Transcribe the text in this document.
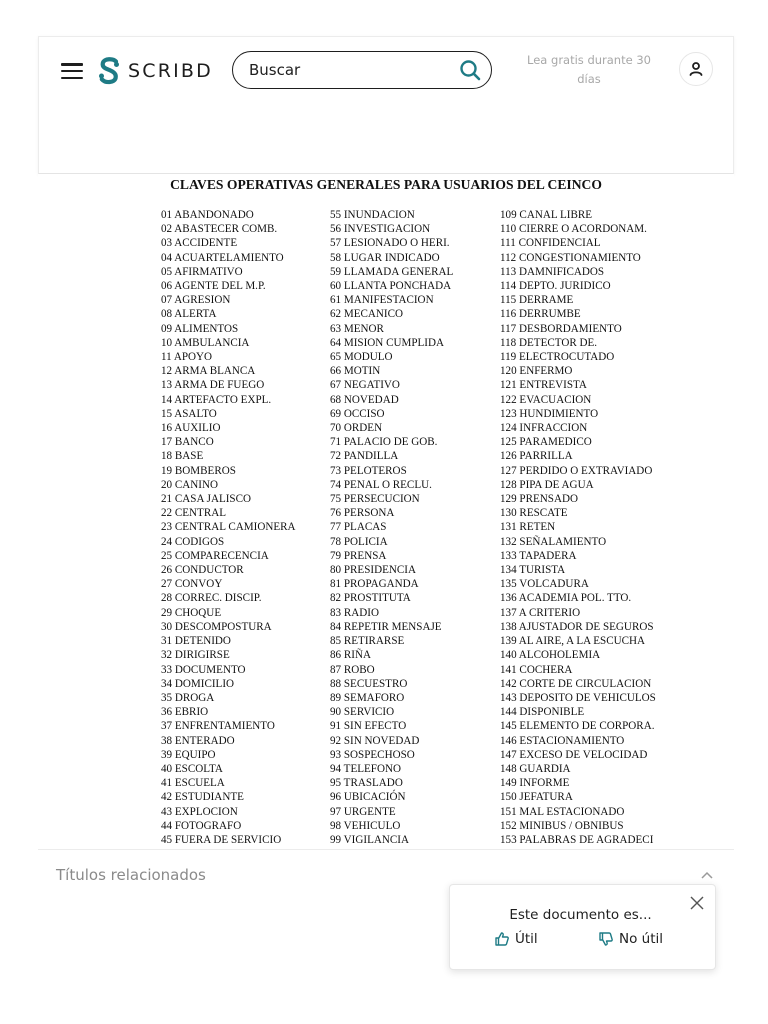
SCRIBD
Buscar	Lea gratis durante 30 días
CLAVES OPERATIVAS GENERALES PARA USUARIOS DEL CEINCO
01 ABANDONADO
02 ABASTECER COMB.
03 ACCIDENTE
04 ACUARTELAMIENTO
05 AFIRMATIVO
06 AGENTE DEL M.P.
07 AGRESION
08 ALERTA
09 ALIMENTOS
10 AMBULANCIA
11 APOYO
12 ARMA BLANCA
13 ARMA DE FUEGO
14 ARTEFACTO EXPL.
15 ASALTO
16 AUXILIO
17 BANCO
18 BASE
19 BOMBEROS
20 CANINO
21 CASA JALISCO
22 CENTRAL
23 CENTRAL CAMIONERA
24 CODIGOS
25 COMPARECENCIA
26 CONDUCTOR
27 CONVOY
28 CORREC. DISCIP.
29 CHOQUE
30 DESCOMPOSTURA
31 DETENIDO
32 DIRIGIRSE
33 DOCUMENTO
34 DOMICILIO
35 DROGA
36 EBRIO
37 ENFRENTAMIENTO
38 ENTERADO
39 EQUIPO
40 ESCOLTA
41 ESCUELA
42 ESTUDIANTE
43 EXPLOCION
44 FOTOGRAFO
45 FUERA DE SERVICIO
55 INUNDACION
56 INVESTIGACION
57 LESIONADO O HERI.
58 LUGAR INDICADO
59 LLAMADA GENERAL
60 LLANTA PONCHADA
61 MANIFESTACION
62 MECANICO
63 MENOR
64 MISION CUMPLIDA
65 MODULO
66 MOTIN
67 NEGATIVO
68 NOVEDAD
69 OCCISO
70 ORDEN
71 PALACIO DE GOB.
72 PANDILLA
73 PELOTEROS
74 PENAL O RECLU.
75 PERSECUCION
76 PERSONA
77 PLACAS
78 POLICIA
79 PRENSA
80 PRESIDENCIA
81 PROPAGANDA
82 PROSTITUTA
83 RADIO
84 REPETIR MENSAJE
85 RETIRARSE
86 RIÑA
87 ROBO
88 SECUESTRO
89 SEMAFORO
90 SERVICIO
91 SIN EFECTO
92 SIN NOVEDAD
93 SOSPECHOSO
94 TELEFONO
95 TRASLADO
96 UBICACIÓN
97 URGENTE
98 VEHICULO
99 VIGILANCIA
109 CANAL LIBRE
110 CIERRE O ACORDONAM.
111 CONFIDENCIAL
112 CONGESTIONAMIENTO
113 DAMNIFICADOS
114 DEPTO. JURIDICO
115 DERRAME
116 DERRUMBE
117 DESBORDAMIENTO
118 DETECTOR DE.
119 ELECTROCUTADO
120 ENFERMO
121 ENTREVISTA
122 EVACUACION
123 HUNDIMIENTO
124 INFRACCION
125 PARAMEDICO
126 PARRILLA
127 PERDIDO O EXTRAVIADO
128 PIPA DE AGUA
129 PRENSADO
130 RESCATE
131 RETEN
132 SEÑALAMIENTO
133 TAPADERA
134 TURISTA
135 VOLCADURA
136 ACADEMIA POL. TTO.
137 A CRITERIO
138 AJUSTADOR DE SEGUROS
139 AL AIRE, A LA ESCUCHA
140 ALCOHOLEMIA
141 COCHERA
142 CORTE DE CIRCULACION
143 DEPOSITO DE VEHICULOS
144 DISPONIBLE
145 ELEMENTO DE CORPORA.
146 ESTACIONAMIENTO
147 EXCESO DE VELOCIDAD
148 GUARDIA
149 INFORME
150 JEFATURA
151 MAL ESTACIONADO
152 MINIBUS / OBNIBUS
153 PALABRAS DE AGRADECI
Títulos relacionados
Este documento es...
Útil	No útil
